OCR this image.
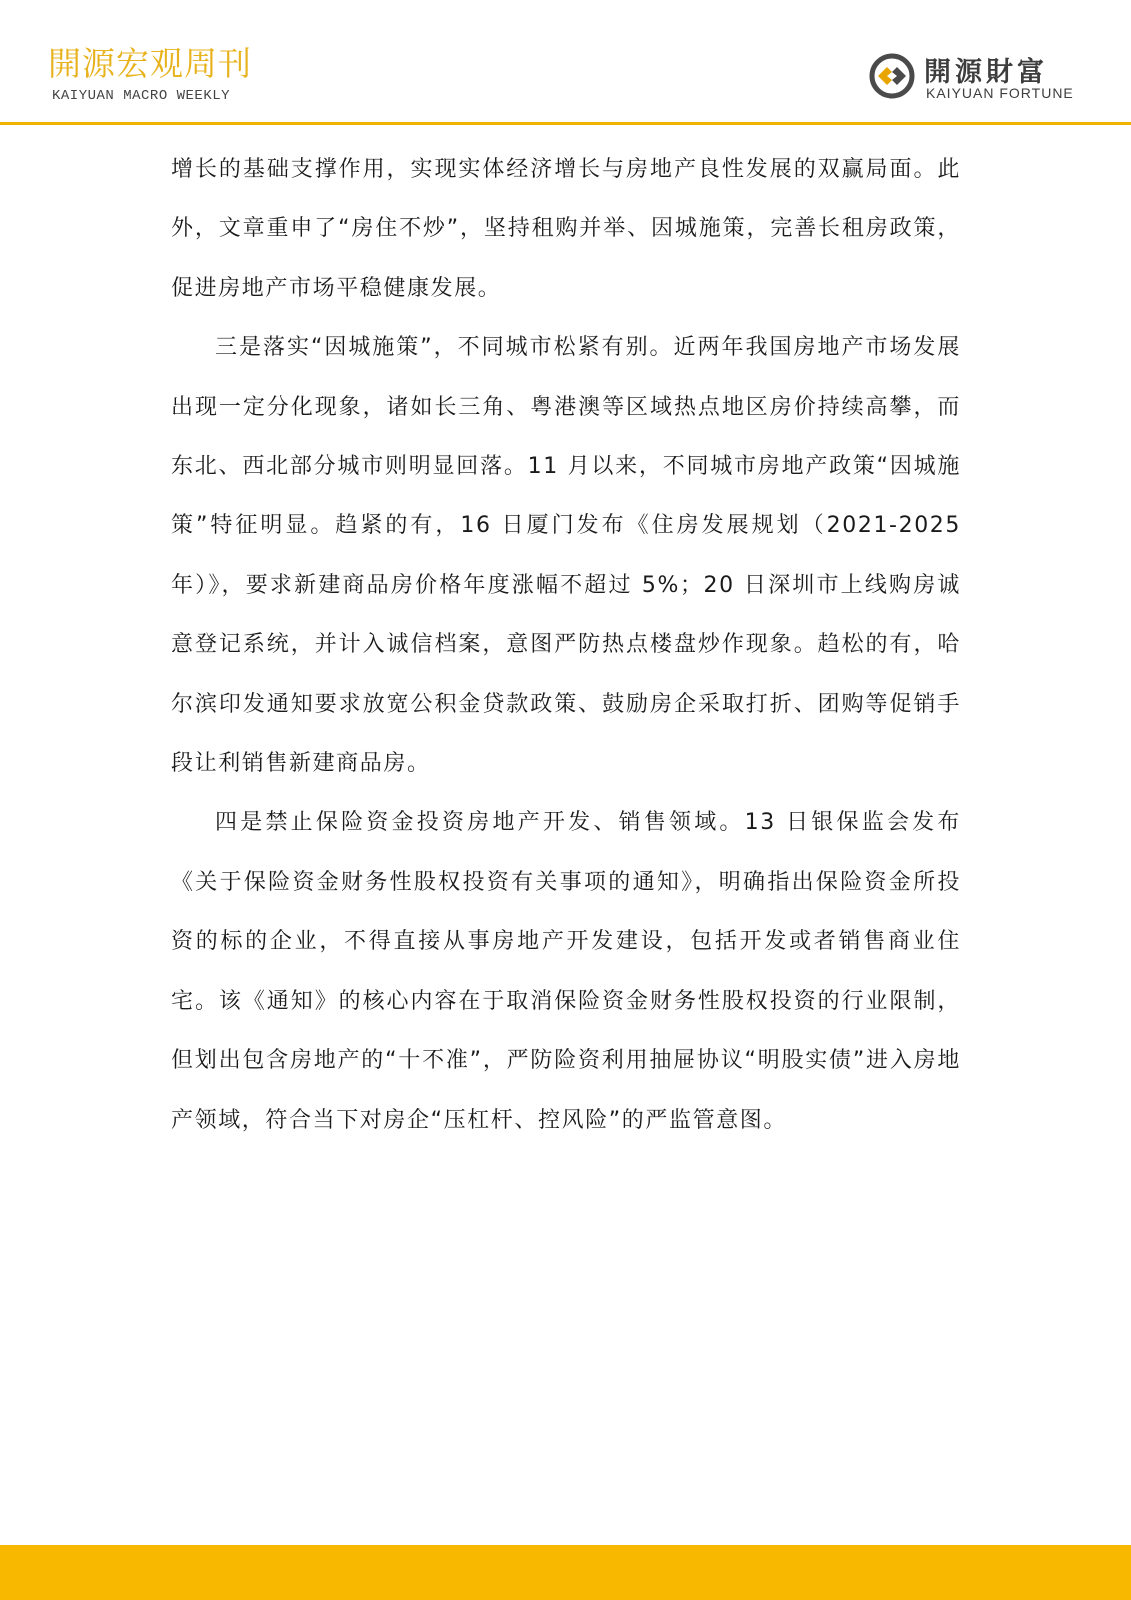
開源宏观周刊
KAIYUAN MACRO WEEKLY
開源財富
KAIYUAN FORTUNE

增长的基础支撑作用，实现实体经济增长与房地产良性发展的双赢局面。此外，文章重申了“房住不炒”，坚持租购并举、因城施策，完善长租房政策，促进房地产市场平稳健康发展。

三是落实“因城施策”，不同城市松紧有别。近两年我国房地产市场发展出现一定分化现象，诸如长三角、粤港澳等区域热点地区房价持续高攀，而东北、西北部分城市则明显回落。11 月以来，不同城市房地产政策“因城施策”特征明显。趋紧的有，16 日厦门发布《住房发展规划（2021-2025 年）》，要求新建商品房价格年度涨幅不超过 5%；20 日深圳市上线购房诚意登记系统，并计入诚信档案，意图严防热点楼盘炒作现象。趋松的有，哈尔滨印发通知要求放宽公积金贷款政策、鼓励房企采取打折、团购等促销手段让利销售新建商品房。

四是禁止保险资金投资房地产开发、销售领域。13 日银保监会发布《关于保险资金财务性股权投资有关事项的通知》，明确指出保险资金所投资的标的企业，不得直接从事房地产开发建设，包括开发或者销售商业住宅。该《通知》的核心内容在于取消保险资金财务性股权投资的行业限制，但划出包含房地产的“十不准”，严防险资利用抽屉协议“明股实债”进入房地产领域，符合当下对房企“压杠杆、控风险”的严监管意图。
